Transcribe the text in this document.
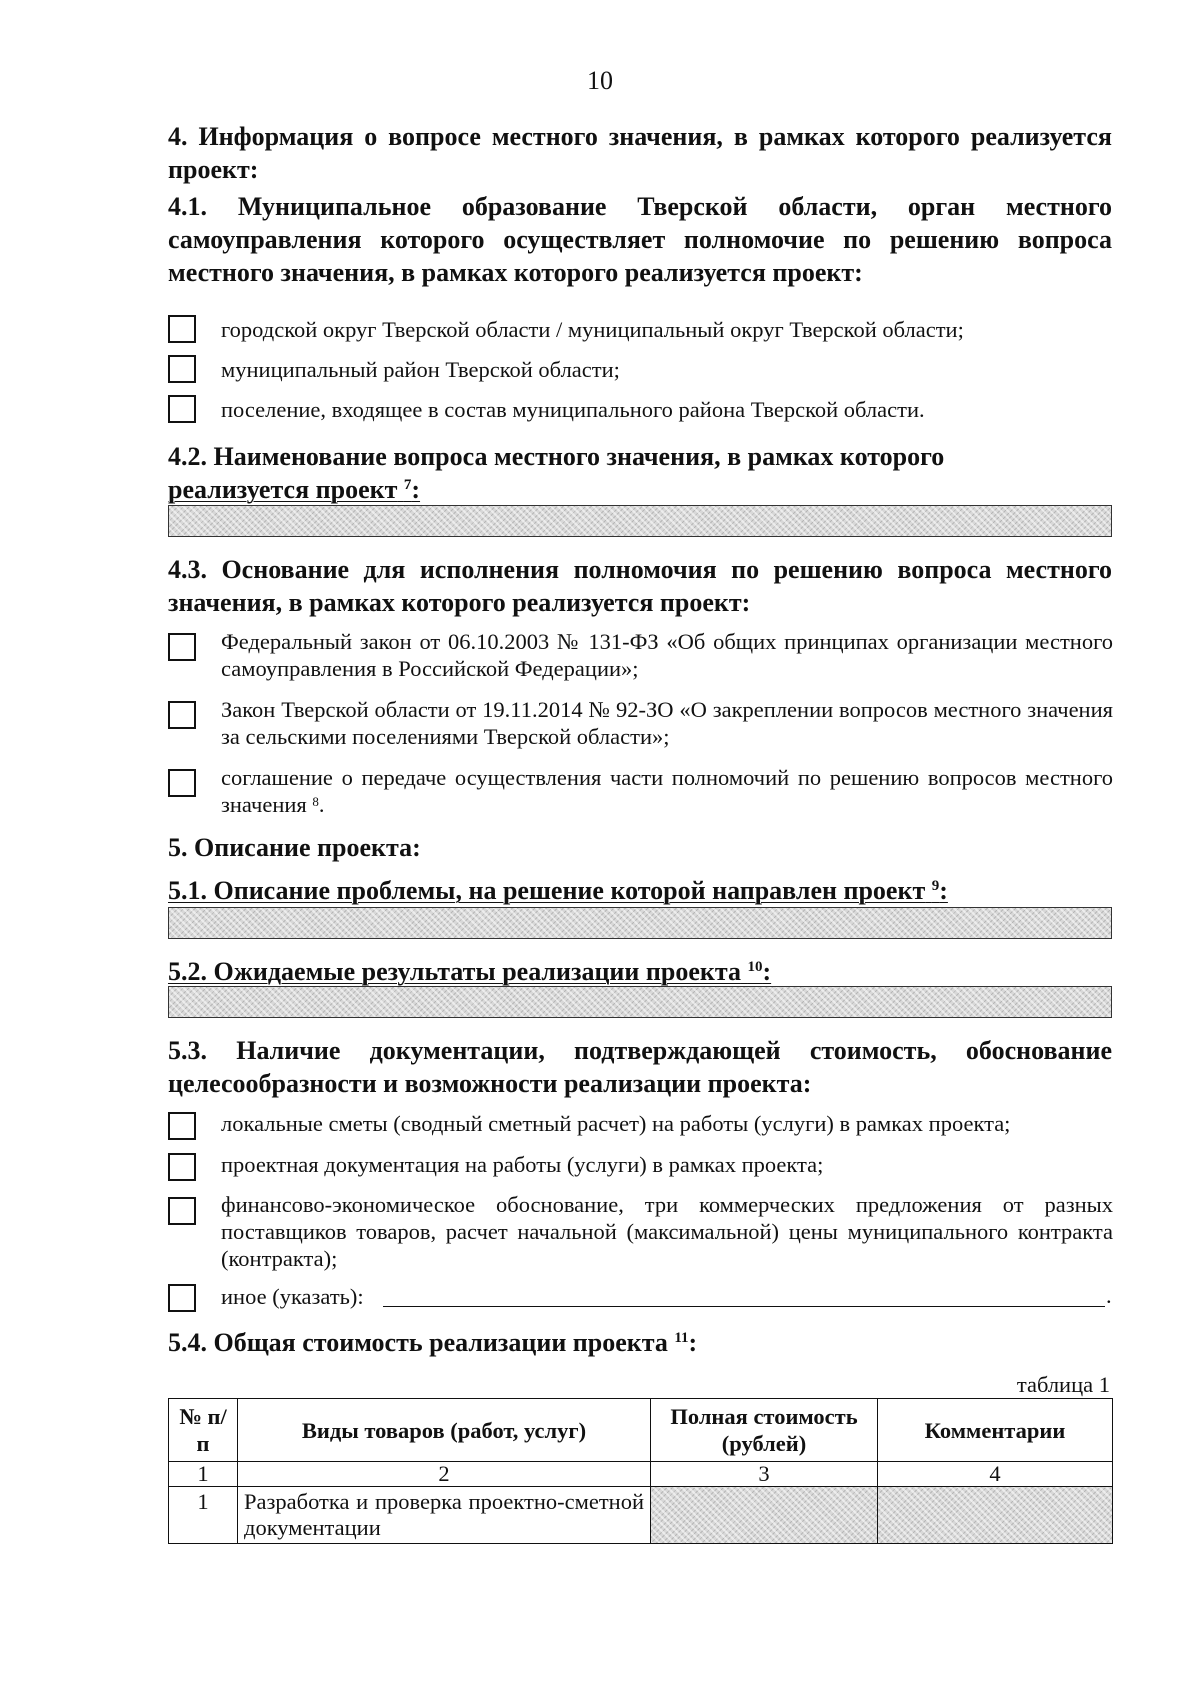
10
4. Информация о вопросе местного значения, в рамках которого реализуется проект:
4.1. Муниципальное образование Тверской области, орган местного самоуправления которого осуществляет полномочие по решению вопроса местного значения, в рамках которого реализуется проект:
городской округ Тверской области / муниципальный округ Тверской области;
муниципальный район Тверской области;
поселение, входящее в состав муниципального района Тверской области.
4.2. Наименование вопроса местного значения, в рамках которого
реализуется проект $^7$:
4.3. Основание для исполнения полномочия по решению вопроса местного значения, в рамках которого реализуется проект:
Федеральный закон от 06.10.2003 № 131-ФЗ «Об общих принципах организации местного самоуправления в Российской Федерации»;
Закон Тверской области от 19.11.2014 № 92-ЗО «О закреплении вопросов местного значения за сельскими поселениями Тверской области»;
соглашение о передаче осуществления части полномочий по решению вопросов местного значения $^8$.
5. Описание проекта:
5.1. Описание проблемы, на решение которой направлен проект $^9$:
5.2. Ожидаемые результаты реализации проекта $^{10}$:
5.3. Наличие документации, подтверждающей стоимость, обоснование целесообразности и возможности реализации проекта:
локальные сметы (сводный сметный расчет) на работы (услуги) в рамках проекта;
проектная документация на работы (услуги) в рамках проекта;
финансово-экономическое обоснование, три коммерческих предложения от разных поставщиков товаров, расчет начальной (максимальной) цены муниципального контракта (контракта);
иное (указать):	.
5.4. Общая стоимость реализации проекта $^{11}$:
таблица 1
№ п/п	Виды товаров (работ, услуг)	Полная стоимость (рублей)	Комментарии
1	2	3	4
1	Разработка и проверка проектно-сметной документации		
